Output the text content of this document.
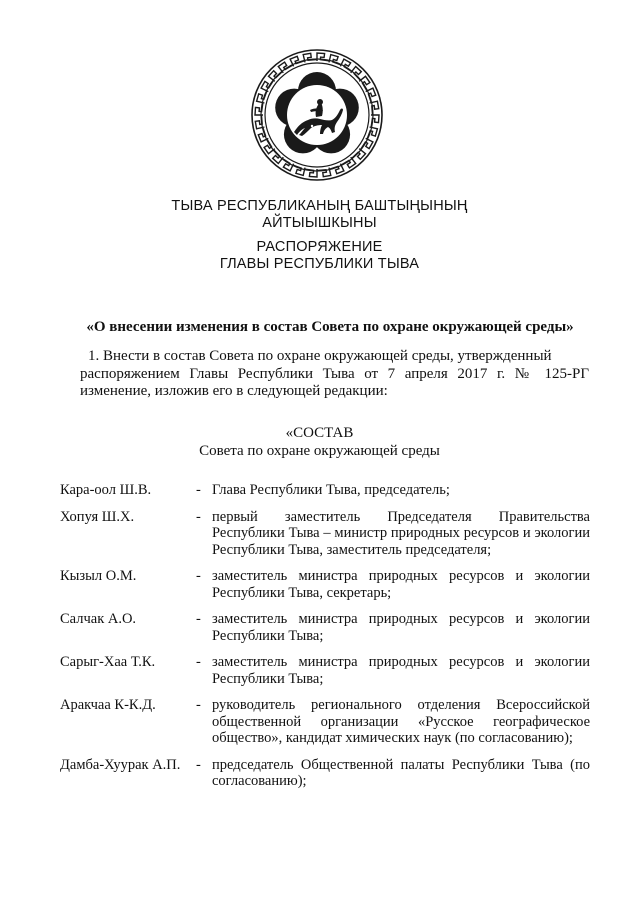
ТЫВА РЕСПУБЛИКАНЫҢ БАШТЫҢЫНЫҢ
АЙТЫЫШКЫНЫ
РАСПОРЯЖЕНИЕ
ГЛАВЫ РЕСПУБЛИКИ ТЫВА
«О внесении изменения в состав Совета по охране окружающей среды»
1. Внести в состав Совета по охране окружающей среды, утвержденный
распоряжением Главы Республики Тыва от 7 апреля 2017 г. № 125-РГ изменение, изложив его в следующей редакции:
«СОСТАВ
Совета по охране окружающей среды
Кара-оол Ш.В.	- Глава Республики Тыва, председатель;
Хопуя Ш.Х.	- первый заместитель Председателя Правительства Республики Тыва – министр природных ресурсов и экологии Республики Тыва, заместитель председателя;
Кызыл О.М.	- заместитель министра природных ресурсов и экологии Республики Тыва, секретарь;
Салчак А.О.	- заместитель министра природных ресурсов и экологии Республики Тыва;
Сарыг-Хаа Т.К.	- заместитель министра природных ресурсов и экологии Республики Тыва;
Аракчаа К-К.Д.	- руководитель регионального отделения Всероссийской общественной организации «Русское географическое общество», кандидат химических наук (по согласованию);
Дамба-Хуурак А.П.	- председатель Общественной палаты Республики Тыва (по согласованию);
